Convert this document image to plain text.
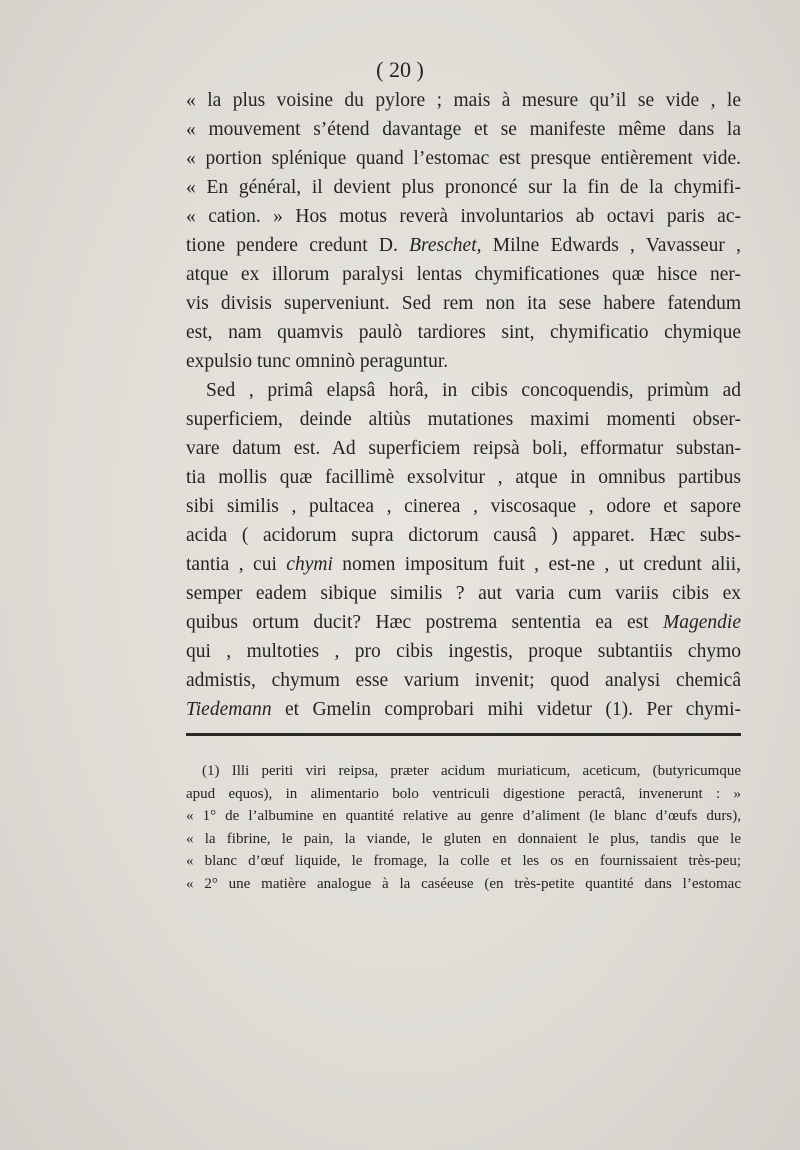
( 20 )
« la plus voisine du pylore ; mais à mesure qu’il se vide , le
« mouvement s’étend davantage et se manifeste même dans la
« portion splénique quand l’estomac est presque entièrement vide.
« En général, il devient plus prononcé sur la fin de la chymifi-
« cation. » Hos motus reverà involuntarios ab octavi paris ac-
tione pendere credunt D. Breschet, Milne Edwards , Vavasseur ,
atque ex illorum paralysi lentas chymificationes quæ hisce ner-
vis divisis superveniunt. Sed rem non ita sese habere fatendum
est, nam quamvis paulò tardiores sint, chymificatio chymique
expulsio tunc omninò peraguntur.
Sed , primâ elapsâ horâ, in cibis concoquendis, primùm ad
superficiem, deinde altiùs mutationes maximi momenti obser-
vare datum est. Ad superficiem reipsà boli, efformatur substan-
tia mollis quæ facillimè exsolvitur , atque in omnibus partibus
sibi similis , pultacea , cinerea , viscosaque , odore et sapore
acida ( acidorum supra dictorum causâ ) apparet. Hæc subs-
tantia , cui chymi nomen impositum fuit , est-ne , ut credunt alii,
semper eadem sibique similis ? aut varia cum variis cibis ex
quibus ortum ducit? Hæc postrema sententia ea est Magendie
qui , multoties , pro cibis ingestis, proque subtantiis chymo
admistis, chymum esse varium invenit; quod analysi chemicâ
Tiedemann et Gmelin comprobari mihi videtur (1). Per chymi-
(1) Illi periti viri reipsa, præter acidum muriaticum, aceticum, (butyricumque
apud equos), in alimentario bolo ventriculi digestione peractâ, invenerunt : »
« 1° de l’albumine en quantité relative au genre d’aliment (le blanc d’œufs durs),
« la fibrine, le pain, la viande, le gluten en donnaient le plus, tandis que le
« blanc d’œuf liquide, le fromage, la colle et les os en fournissaient très-peu;
« 2° une matière analogue à la caséeuse (en très-petite quantité dans l’estomac
